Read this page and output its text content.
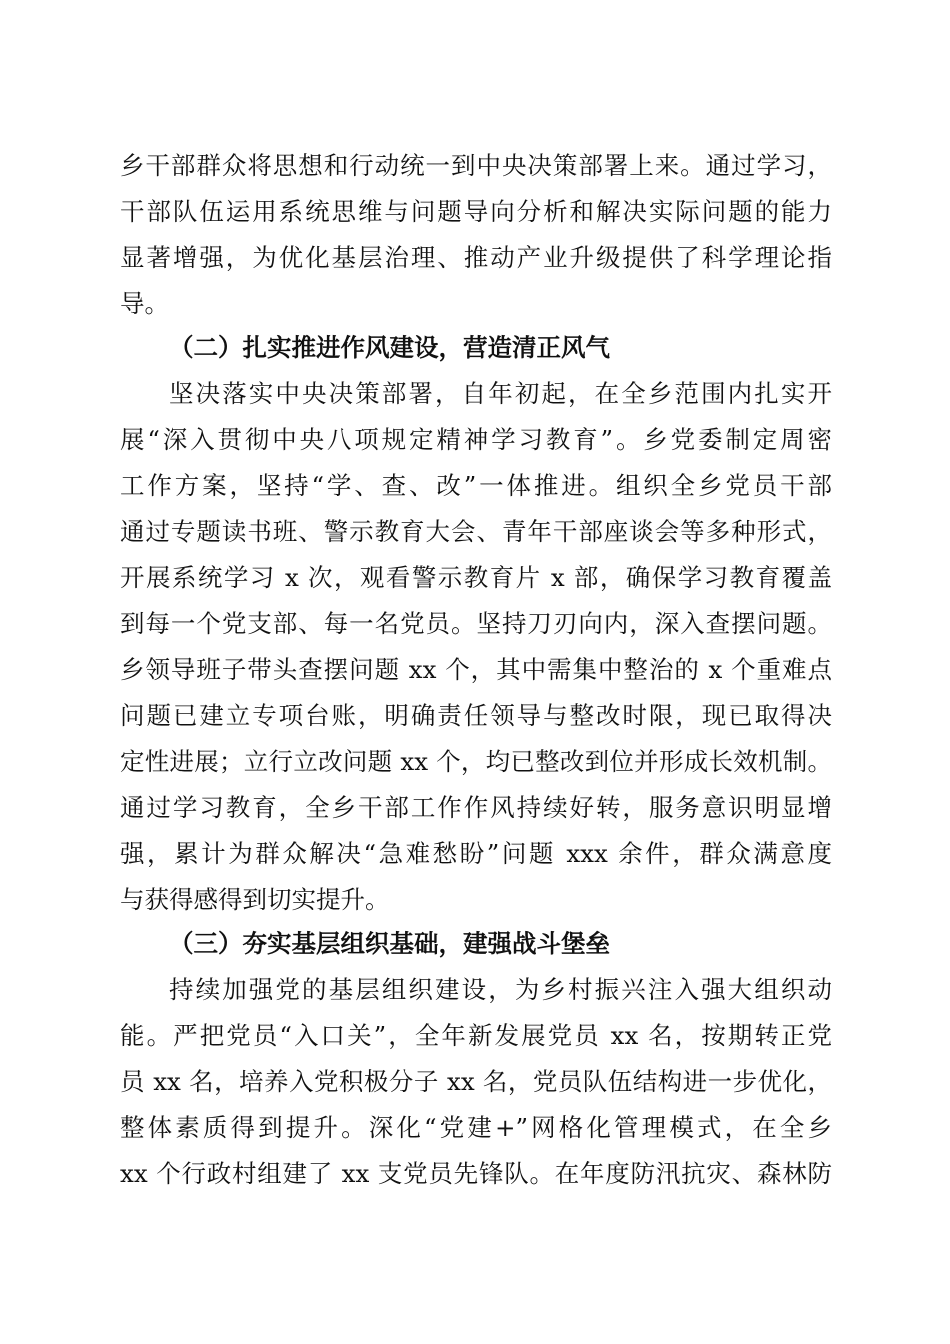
乡干部群众将思想和行动统一到中央决策部署上来。通过学习，
干部队伍运用系统思维与问题导向分析和解决实际问题的能力
显著增强，为优化基层治理、推动产业升级提供了科学理论指
导。
（二）扎实推进作风建设，营造清正风气
坚决落实中央决策部署，自年初起，在全乡范围内扎实开
展“深入贯彻中央八项规定精神学习教育”。乡党委制定周密
工作方案，坚持“学、查、改”一体推进。组织全乡党员干部
通过专题读书班、警示教育大会、青年干部座谈会等多种形式，
开展系统学习 x 次，观看警示教育片 x 部，确保学习教育覆盖
到每一个党支部、每一名党员。坚持刀刃向内，深入查摆问题。
乡领导班子带头查摆问题 xx 个，其中需集中整治的 x 个重难点
问题已建立专项台账，明确责任领导与整改时限，现已取得决
定性进展；立行立改问题 xx 个，均已整改到位并形成长效机制。
通过学习教育，全乡干部工作作风持续好转，服务意识明显增
强，累计为群众解决“急难愁盼”问题 xxx 余件，群众满意度
与获得感得到切实提升。
（三）夯实基层组织基础，建强战斗堡垒
持续加强党的基层组织建设，为乡村振兴注入强大组织动
能。严把党员“入口关”，全年新发展党员 xx 名，按期转正党
员 xx 名，培养入党积极分子 xx 名，党员队伍结构进一步优化，
整体素质得到提升。深化“党建+”网格化管理模式，在全乡
xx 个行政村组建了 xx 支党员先锋队。在年度防汛抗灾、森林防
